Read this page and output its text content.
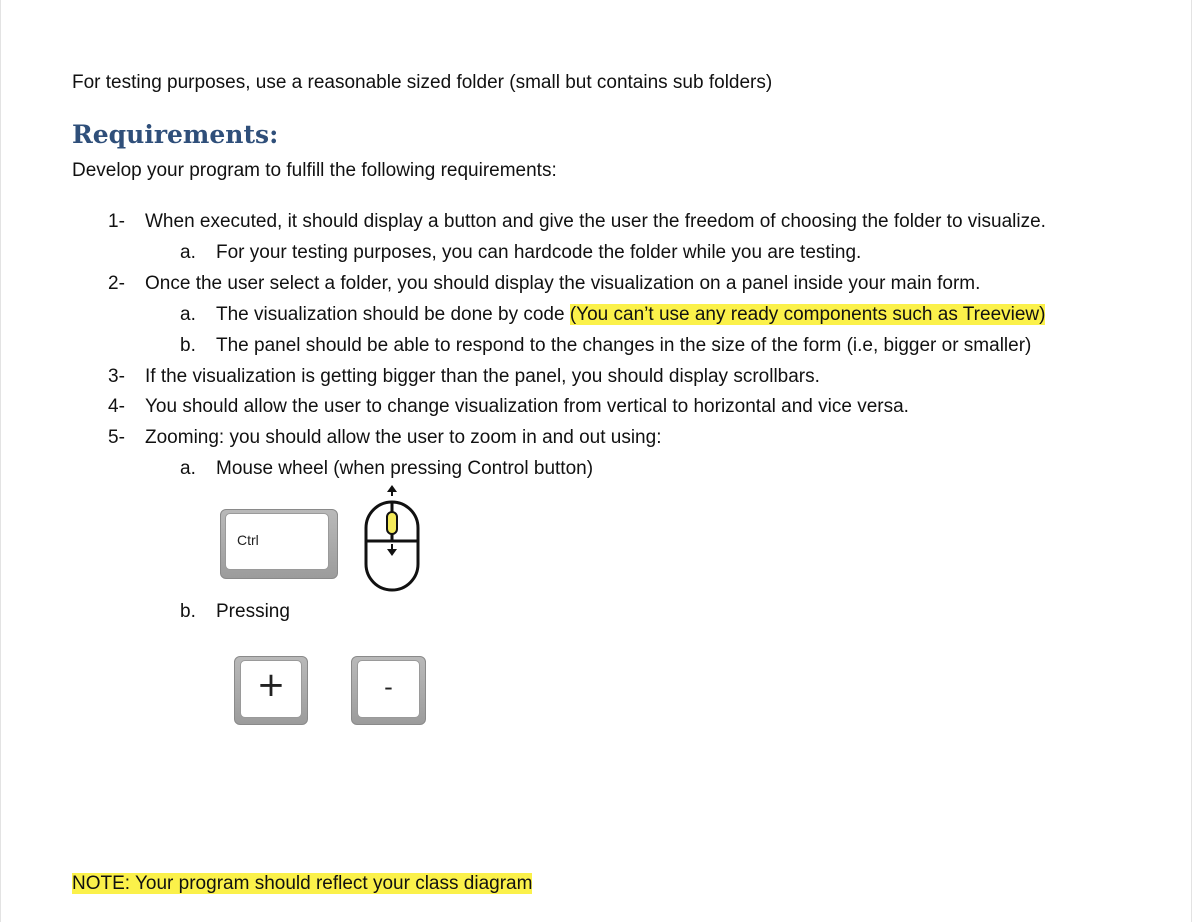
For testing purposes, use a reasonable sized folder (small but contains sub folders)
Requirements:
Develop your program to fulfill the following requirements:
1- When executed, it should display a button and give the user the freedom of choosing the folder to visualize.
a. For your testing purposes, you can hardcode the folder while you are testing.
2- Once the user select a folder, you should display the visualization on a panel inside your main form.
a. The visualization should be done by code (You can’t use any ready components such as Treeview)
b. The panel should be able to respond to the changes in the size of the form (i.e, bigger or smaller)
3- If the visualization is getting bigger than the panel, you should display scrollbars.
4- You should allow the user to change visualization from vertical to horizontal and vice versa.
5- Zooming: you should allow the user to zoom in and out using:
a. Mouse wheel (when pressing Control button)
Ctrl
b. Pressing
+	-
NOTE: Your program should reflect your class diagram
